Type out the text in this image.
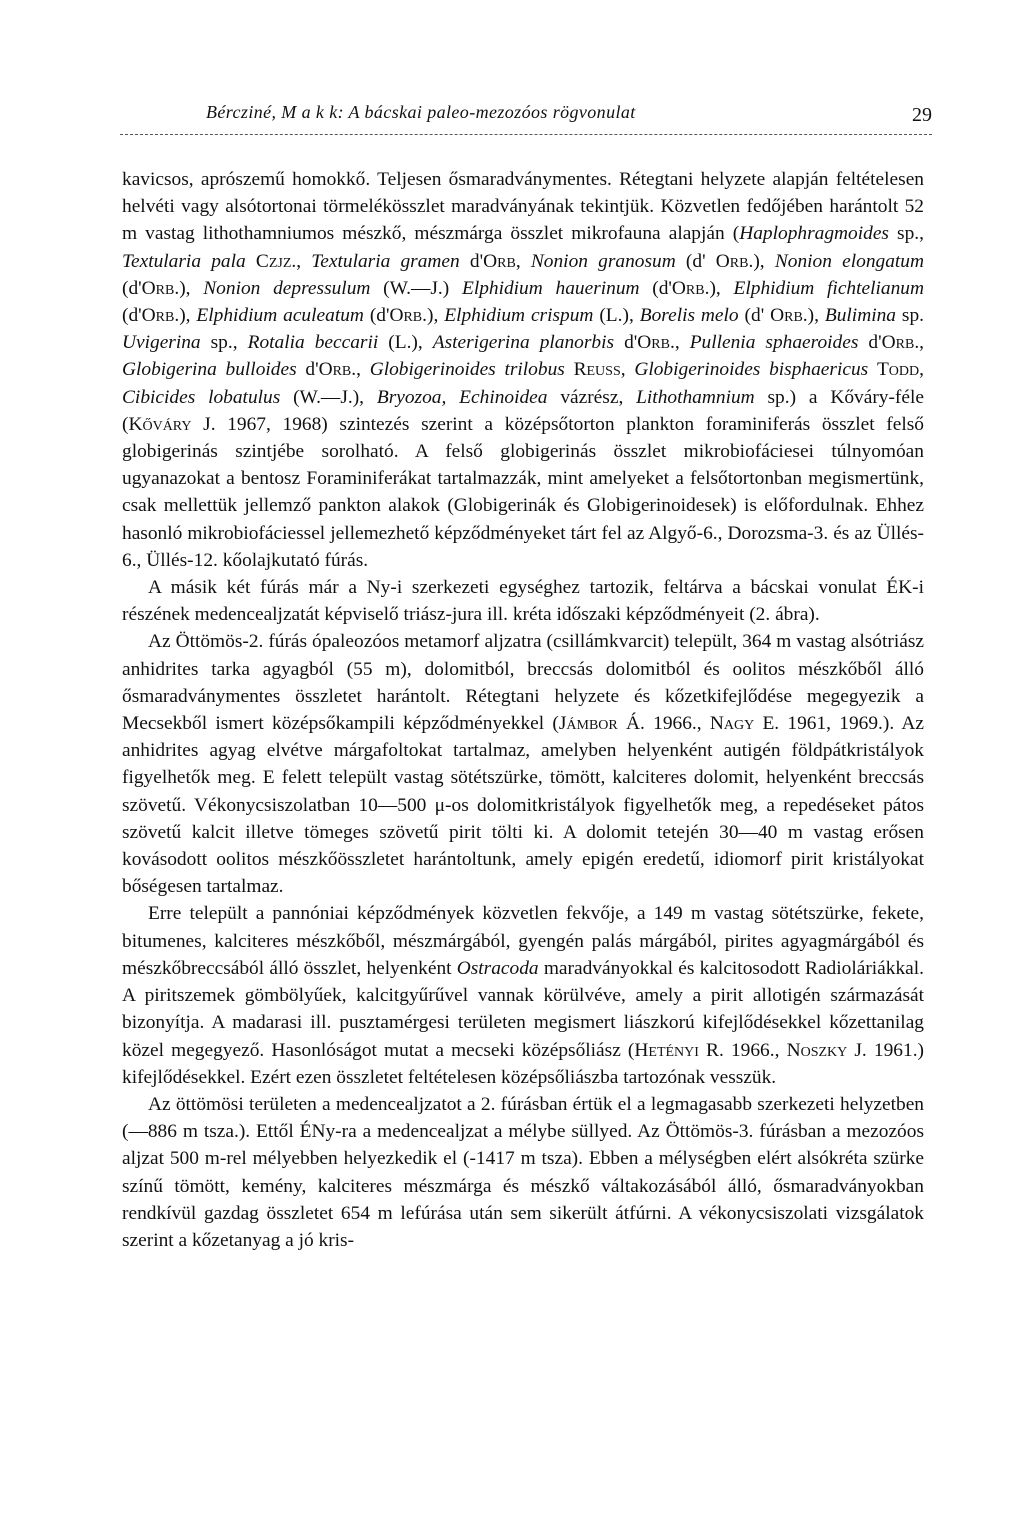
Bérczіné, M a k k: A bácskai paleo-mezozóos rögvonulat	29

kavicsos, aprószemű homokkő. Teljesen ősmaradványmentes. Rétegtani helyzete alapján feltételesen helvéti vagy alsótortonai törmelékösszlet maradványának tekintjük. Közvetlen fedőjében harántolt 52 m vastag lithothamniumos mészkő, mészmárga összlet mikrofauna alapján (Haplophragmoides sp., Textularia pala Czjz., Textularia gramen d'Orb, Nonion granosum (d' Orb.), Nonion elongatum (d'Orb.), Nonion depressulum (W.—J.) Elphidium hauerinum (d'Orb.), Elphidium fichtelianum (d'Orb.), Elphidium aculeatum (d'Orb.), Elphidium crispum (L.), Borelis melo (d' Orb.), Bulimina sp. Uvigerina sp., Rotalia beccarii (L.), Asterigerina planorbis d'Orb., Pullenia sphaeroides d'Orb., Globigerina bulloides d'Orb., Globigerinoides trilobus Reuss, Globigerinoides bisphaericus Todd, Cibicides lobatulus (W.—J.), Bryozoa, Echinoidea vázrész, Lithothamnium sp.) a Kőváry-féle (Kőváry J. 1967, 1968) szintezés szerint a középsőtorton plankton foraminiferás összlet felső globigerinás szintjébe sorolható. A felső globigerinás összlet mikrobiofáciesei túlnyomóan ugyanazokat a bentosz Foraminiferákat tartalmazzák, mint amelyeket a felsőtortonban megismertünk, csak mellettük jellemző pankton alakok (Globigerinák és Globigerinoidesek) is előfordulnak. Ehhez hasonló mikrobiofáciessel jellemezhető képződményeket tárt fel az Algyő-6., Dorozsma-3. és az Üllés-6., Üllés-12. kőolajkutató fúrás.

A másik két fúrás már a Ny-i szerkezeti egységhez tartozik, feltárva a bácskai vonulat ÉK-i részének medencealjzatát képviselő triász-jura ill. kréta időszaki képződményeit (2. ábra).

Az Öttömös-2. fúrás ópaleozóos metamorf aljzatra (csillámkvarcit) települt, 364 m vastag alsótriász anhidrites tarka agyagból (55 m), dolomitból, breccsás dolomitból és oolitos mészkőből álló ősmaradványmentes összletet harántolt. Rétegtani helyzete és kőzetkifejlődése megegyezik a Mecsekből ismert középsőkampili képződményekkel (Jámbor Á. 1966., Nagy E. 1961, 1969.). Az anhidrites agyag elvétve márgafoltokat tartalmaz, amelyben helyenként autigén földpátkristályok figyelhetők meg. E felett települt vastag sötétszürke, tömött, kalciteres dolomit, helyenként breccsás szövetű. Vékonycsiszolatban 10—500 μ-os dolomitkristályok figyelhetők meg, a repedéseket pátos szövetű kalcit illetve tömeges szövetű pirit tölti ki. A dolomit tetején 30—40 m vastag erősen kovásodott oolitos mészkőösszletet harántoltunk, amely epigén eredetű, idiomorf pirit kristályokat bőségesen tartalmaz.

Erre települt a pannóniai képződmények közvetlen fekvője, a 149 m vastag sötétszürke, fekete, bitumenes, kalciteres mészkőből, mészmárgából, gyengén palás márgából, pirites agyagmárgából és mészkőbreccsából álló összlet, helyenként Ostracoda maradványokkal és kalcitosodott Radioláriákkal. A piritszemek gömbölyűek, kalcitgyűrűvel vannak körülvéve, amely a pirit allotigén származását bizonyítja. A madarasi ill. pusztamérgesi területen megismert liászkorú kifejlődésekkel kőzettanilag közel megegyező. Hasonlóságot mutat a mecseki középsőliász (Hetényi R. 1966., Noszky J. 1961.) kifejlődésekkel. Ezért ezen összletet feltételesen középsőliászba tartozónak vesszük.

Az öttömösi területen a medencealjzatot a 2. fúrásban értük el a legmagasabb szerkezeti helyzetben (—886 m tsza.). Ettől ÉNy-ra a medencealjzat a mélybe süllyed. Az Öttömös-3. fúrásban a mezozóos aljzat 500 m-rel mélyebben helyezkedik el (-1417 m tsza). Ebben a mélységben elért alsókréta szürke színű tömött, kemény, kalciteres mészmárga és mészkő váltakozásából álló, ősmaradványokban rendkívül gazdag összletet 654 m lefúrása után sem sikerült átfúrni. A vékonycsiszolati vizsgálatok szerint a kőzetanyag a jó kris-
